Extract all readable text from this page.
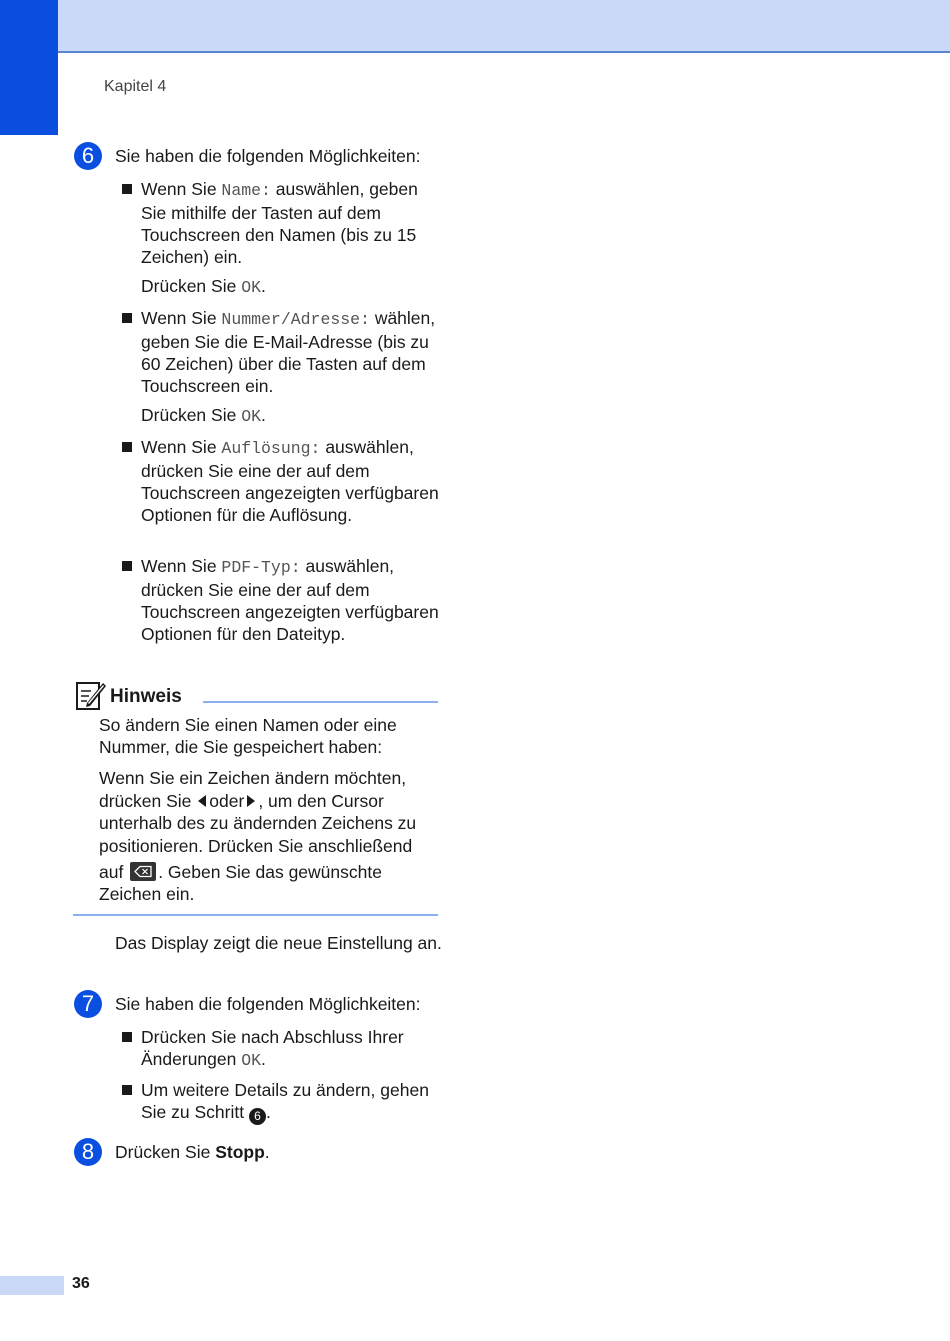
Kapitel 4
6	Sie haben die folgenden Möglichkeiten:
Wenn Sie Name: auswählen, geben Sie mithilfe der Tasten auf dem Touchscreen den Namen (bis zu 15 Zeichen) ein.
Drücken Sie OK.
Wenn Sie Nummer/Adresse: wählen, geben Sie die E-Mail-Adresse (bis zu 60 Zeichen) über die Tasten auf dem Touchscreen ein.
Drücken Sie OK.
Wenn Sie Auflösung: auswählen, drücken Sie eine der auf dem Touchscreen angezeigten verfügbaren Optionen für die Auflösung.
Wenn Sie PDF-Typ: auswählen, drücken Sie eine der auf dem Touchscreen angezeigten verfügbaren Optionen für den Dateityp.
Hinweis
So ändern Sie einen Namen oder eine Nummer, die Sie gespeichert haben:
Wenn Sie ein Zeichen ändern möchten, drücken Sie oder , um den Cursor unterhalb des zu ändernden Zeichens zu positionieren. Drücken Sie anschließend
auf . Geben Sie das gewünschte Zeichen ein.
Das Display zeigt die neue Einstellung an.
7	Sie haben die folgenden Möglichkeiten:
Drücken Sie nach Abschluss Ihrer Änderungen OK.
Um weitere Details zu ändern, gehen Sie zu Schritt 6 .
8	Drücken Sie Stopp.
36
